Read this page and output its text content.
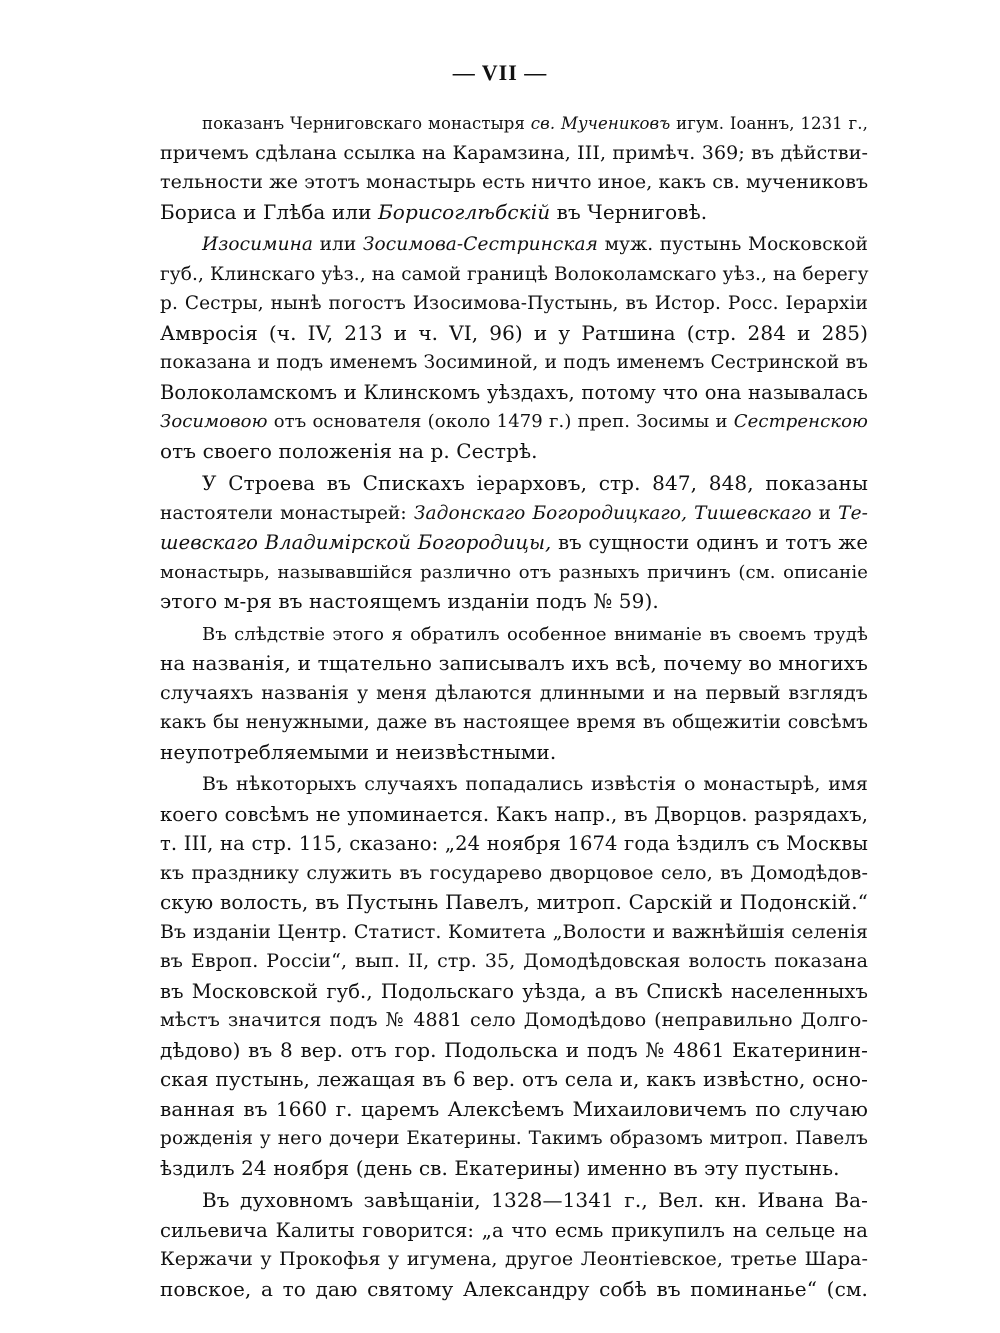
— VII —
показанъ Черниговскаго монастыря св. Мучениковъ игум. Іоаннъ, 1231 г.,
причемъ сдѣлана ссылка на Карамзина, III, примѣч. 369; въ дѣйстви-
тельности же этотъ монастырь есть ничто иное, какъ св. мучениковъ
Бориса и Глѣба или Борисоглѣбскій въ Черниговѣ.
Изосимина или Зосимова-Сестринская муж. пустынь Московской
губ., Клинскаго уѣз., на самой границѣ Волоколамскаго уѣз., на берегу
р. Сестры, нынѣ погостъ Изосимова-Пустынь, въ Истор. Росс. Іерархіи
Амвросія (ч. IV, 213 и ч. VI, 96) и у Ратшина (стр. 284 и 285)
показана и подъ именемъ Зосиминой, и подъ именемъ Сестринской въ
Волоколамскомъ и Клинскомъ уѣздахъ, потому что она называлась
Зосимовою отъ основателя (около 1479 г.) преп. Зосимы и Сестренскою
отъ своего положенія на р. Сестрѣ.
У Строева въ Спискахъ іерарховъ, стр. 847, 848, показаны
настоятели монастырей: Задонскаго Богородицкаго, Тишевскаго и Те-
шевскаго Владимірской Богородицы, въ сущности одинъ и тотъ же
монастырь, называвшійся различно отъ разныхъ причинъ (см. описаніе
этого м-ря въ настоящемъ изданіи подъ № 59).
Въ слѣдствіе этого я обратилъ особенное вниманіе въ своемъ трудѣ
на названія, и тщательно записывалъ ихъ всѣ, почему во многихъ
случаяхъ названія у меня дѣлаются длинными и на первый взглядъ
какъ бы ненужными, даже въ настоящее время въ общежитіи совсѣмъ
неупотребляемыми и неизвѣстными.
Въ нѣкоторыхъ случаяхъ попадались извѣстія о монастырѣ, имя
коего совсѣмъ не упоминается. Какъ напр., въ Дворцов. разрядахъ,
т. III, на стр. 115, сказано: „24 ноября 1674 года ѣздилъ съ Москвы
къ празднику служить въ государево дворцовое село, въ Домодѣдов-
скую волость, въ Пустынь Павелъ, митроп. Сарскій и Подонскій.“
Въ изданіи Центр. Статист. Комитета „Волости и важнѣйшія селенія
въ Европ. Россіи“, вып. II, стр. 35, Домодѣдовская волость показана
въ Московской губ., Подольскаго уѣзда, а въ Спискѣ населенныхъ
мѣстъ значится подъ № 4881 село Домодѣдово (неправильно Долго-
дѣдово) въ 8 вер. отъ гор. Подольска и подъ № 4861 Екатеринин-
ская пустынь, лежащая въ 6 вер. отъ села и, какъ извѣстно, осно-
ванная въ 1660 г. царемъ Алексѣемъ Михаиловичемъ по случаю
рожденія у него дочери Екатерины. Такимъ образомъ митроп. Павелъ
ѣздилъ 24 ноября (день св. Екатерины) именно въ эту пустынь.
Въ духовномъ завѣщаніи, 1328—1341 г., Вел. кн. Ивана Ва-
сильевича Калиты говорится: „а что есмь прикупилъ на сельце на
Кержачи у Прокофья у игумена, другое Леонтіевское, третье Шара-
повское, а то даю святому Александру собѣ въ поминанье“ (см.
